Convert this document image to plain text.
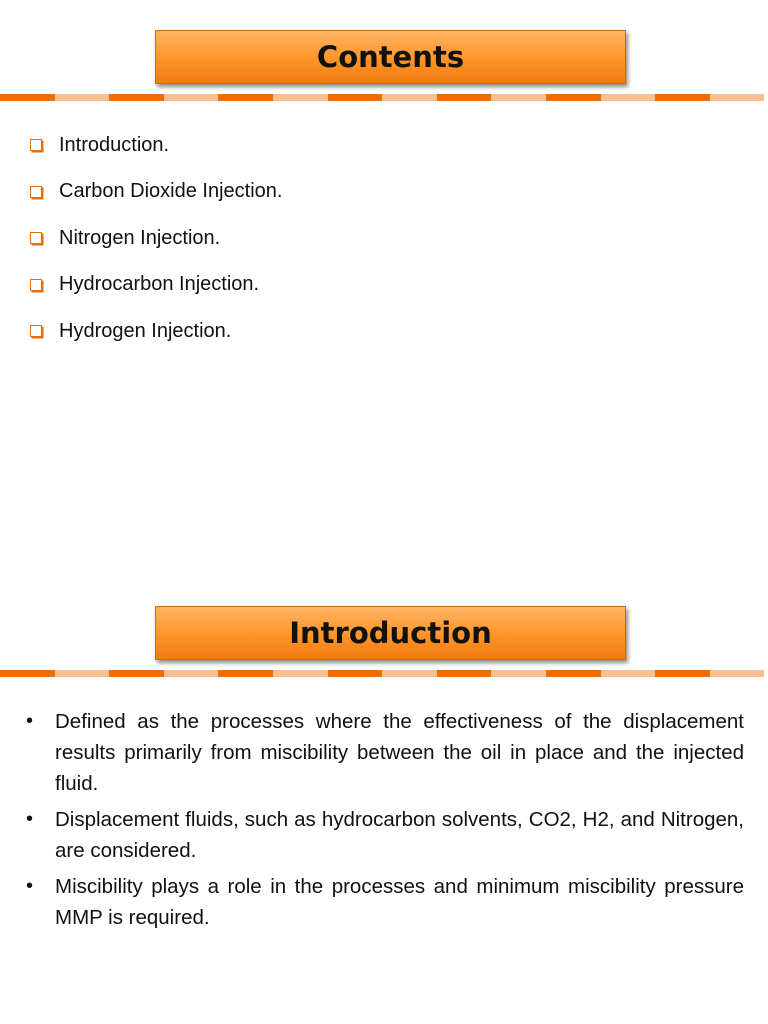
Contents
Introduction.
Carbon Dioxide Injection.
Nitrogen Injection.
Hydrocarbon Injection.
Hydrogen Injection.
Introduction
•	Defined as the processes where the effectiveness of the displacement results primarily from miscibility between the oil in place and the injected fluid.
•	Displacement fluids, such as hydrocarbon solvents, CO2, H2, and Nitrogen, are considered.
•	Miscibility plays a role in the processes and minimum miscibility pressure MMP is required.
